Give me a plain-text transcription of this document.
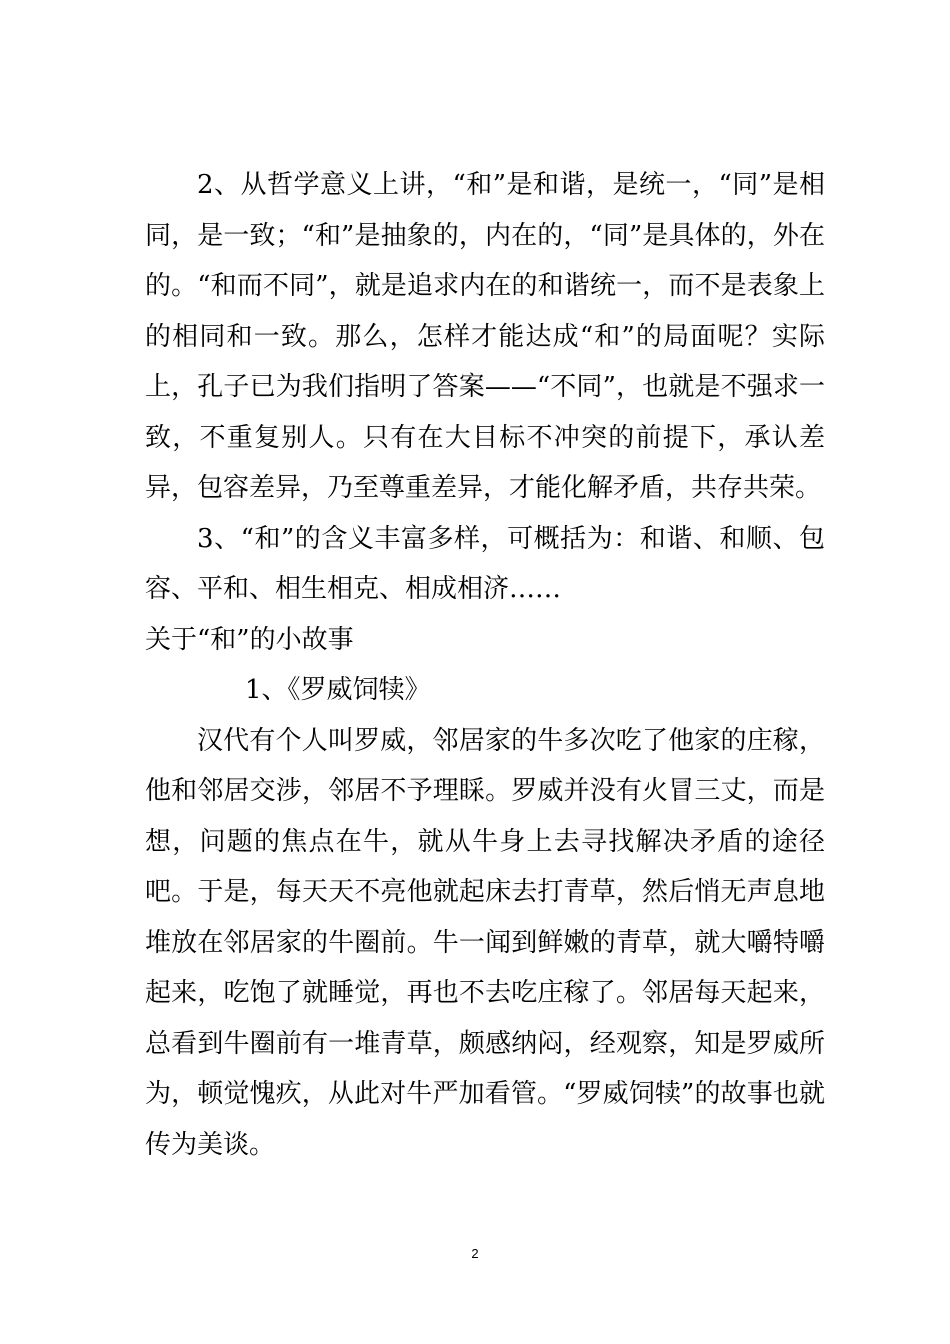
2、从哲学意义上讲，“和”是和谐，是统一，“同”是相同，是一致；“和”是抽象的，内在的，“同”是具体的，外在的。“和而不同”，就是追求内在的和谐统一，而不是表象上的相同和一致。那么，怎样才能达成“和”的局面呢？实际上，孔子已为我们指明了答案——“不同”，也就是不强求一致，不重复别人。只有在大目标不冲突的前提下，承认差异，包容差异，乃至尊重差异，才能化解矛盾，共存共荣。

3、“和”的含义丰富多样，可概括为：和谐、和顺、包容、平和、相生相克、相成相济……

关于“和”的小故事

1、《罗威饲犊》

汉代有个人叫罗威，邻居家的牛多次吃了他家的庄稼，他和邻居交涉，邻居不予理睬。罗威并没有火冒三丈，而是想，问题的焦点在牛，就从牛身上去寻找解决矛盾的途径吧。于是，每天天不亮他就起床去打青草，然后悄无声息地堆放在邻居家的牛圈前。牛一闻到鲜嫩的青草，就大嚼特嚼起来，吃饱了就睡觉，再也不去吃庄稼了。邻居每天起来，总看到牛圈前有一堆青草，颇感纳闷，经观察，知是罗威所为，顿觉愧疚，从此对牛严加看管。“罗威饲犊”的故事也就传为美谈。

2
